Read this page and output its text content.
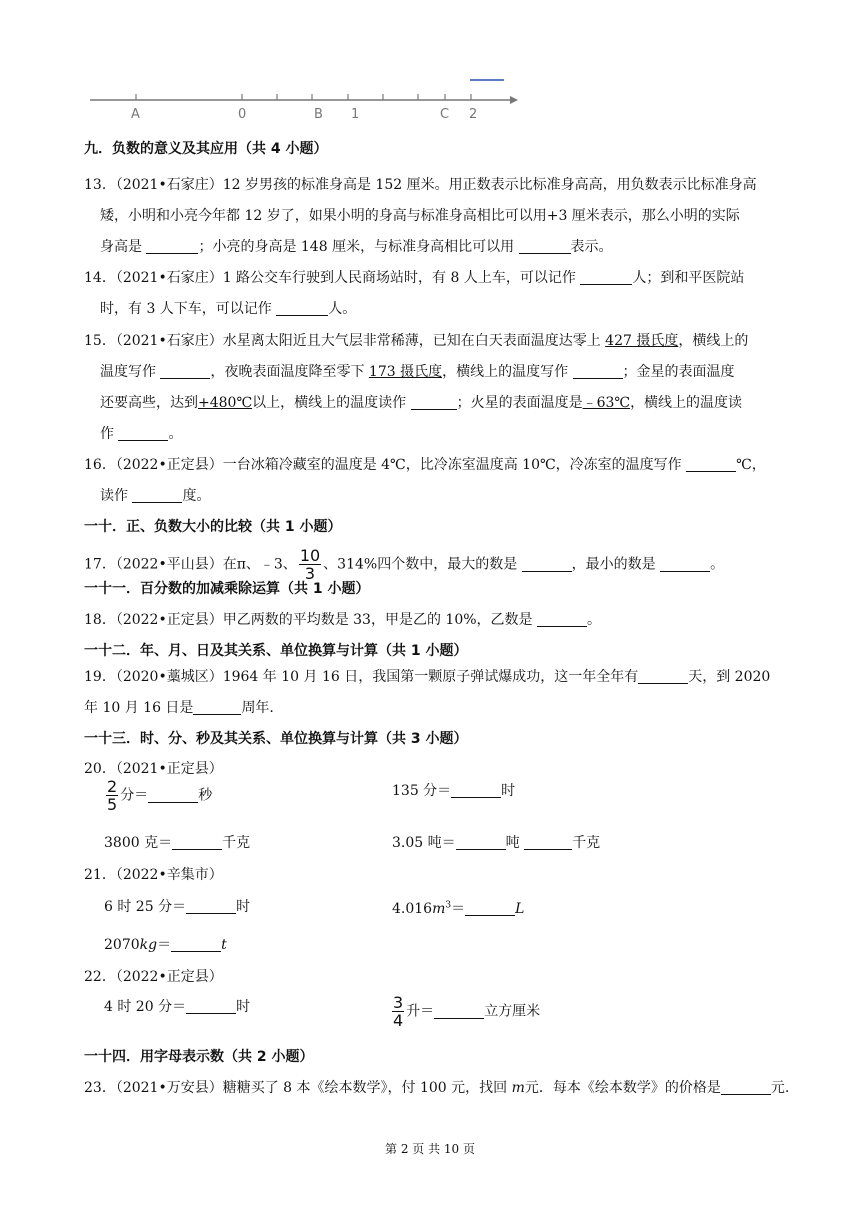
A	0	B 1	C 2
九．负数的意义及其应用（共 4 小题）
13．（2021•石家庄）12 岁男孩的标准身高是 152 厘米。用正数表示比标准身高高，用负数表示比标准身高
矮，小明和小亮今年都 12 岁了，如果小明的身高与标准身高相比可以用+3 厘米表示，那么小明的实际
身高是	；小亮的身高是 148 厘米，与标准身高相比可以用	表示。
14．（2021•石家庄）1 路公交车行驶到人民商场站时，有 8 人上车，可以记作	人；到和平医院站
时，有 3 人下车，可以记作	人。
15．（2021•石家庄）水星离太阳近且大气层非常稀薄，已知在白天表面温度达零上 427 摄氏度，横线上的
温度写作	，夜晚表面温度降至零下 173 摄氏度，横线上的温度写作	；金星的表面温度
还要高些，达到+480℃以上，横线上的温度读作	；火星的表面温度是﹣63℃，横线上的温度读
作	。
16．（2022•正定县）一台冰箱冷藏室的温度是 4℃，比冷冻室温度高 10℃，冷冻室的温度写作	℃，
读作	度。
一十．正、负数大小的比较（共 1 小题）
17．（2022•平山县）在π、﹣3、 $\frac{10}{3}$ 、314%四个数中，最大的数是	，最小的数是	。
一十一．百分数的加减乘除运算（共 1 小题）
18．（2022•正定县）甲乙两数的平均数是 33，甲是乙的 10%，乙数是	。
一十二．年、月、日及其关系、单位换算与计算（共 1 小题）
19．（2020•藁城区）1964 年 10 月 16 日，我国第一颗原子弹试爆成功，这一年全年有	天，到 2020
年 10 月 16 日是	周年.
一十三．时、分、秒及其关系、单位换算与计算（共 3 小题）
20．（2021•正定县）
$\frac{2}{5}$ 分＝	秒	135 分＝	时
3800 克＝	千克	3.05 吨＝	吨	千克
21．（2022•辛集市）
6 时 25 分＝	时	$4.016m^3=$	L
2070kg＝	t
22．（2022•正定县）
4 时 20 分＝	时	$\frac{3}{4}$ 升＝	立方厘米
一十四．用字母表示数（共 2 小题）
23．（2021•万安县）糖糖买了 8 本《绘本数学》，付 100 元，找回 m元．每本《绘本数学》的价格是	元.
第 2 页 共 10 页
